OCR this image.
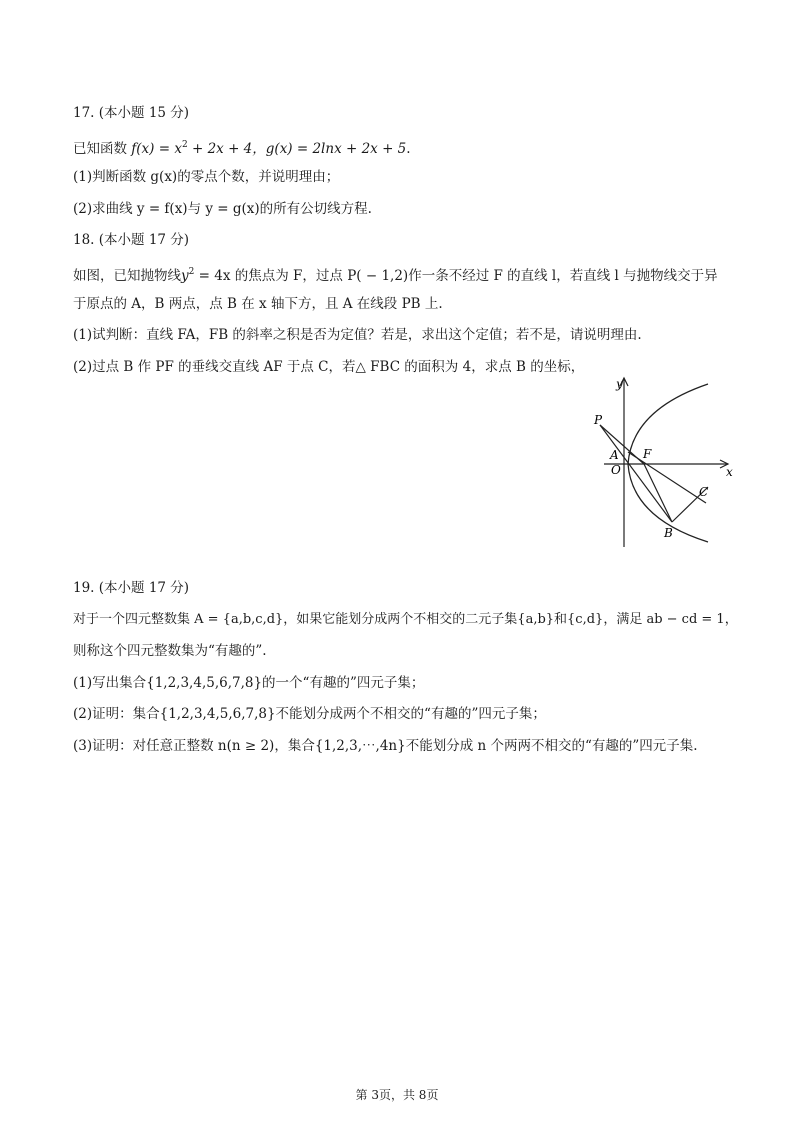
17. (本小题 15 分)
已知函数 $f(x) = x^2 + 2x + 4$，g(x) = 2lnx + 2x + 5.
(1)判断函数 g(x)的零点个数，并说明理由；
(2)求曲线 y = f(x)与 y = g(x)的所有公切线方程.
18. (本小题 17 分)
如图，已知抛物线$y^2 = 4x$ 的焦点为 F，过点 P( − 1,2)作一条不经过 F 的直线 l，若直线 l 与抛物线交于异
于原点的 A，B 两点，点 B 在 x 轴下方，且 A 在线段 PB 上.
(1)试判断：直线 FA，FB 的斜率之积是否为定值？若是，求出这个定值；若不是，请说明理由.
(2)过点 B 作 PF 的垂线交直线 AF 于点 C，若△ FBC 的面积为 4，求点 B 的坐标，
y
x
P
A
O
F
C
B
19. (本小题 17 分)
对于一个四元整数集 A = {a,b,c,d}，如果它能划分成两个不相交的二元子集{a,b}和{c,d}，满足 ab − cd = 1，
则称这个四元整数集为“有趣的”.
(1)写出集合{1,2,3,4,5,6,7,8}的一个“有趣的”四元子集；
(2)证明：集合{1,2,3,4,5,6,7,8}不能划分成两个不相交的“有趣的”四元子集；
(3)证明：对任意正整数 n(n ≥ 2)，集合{1,2,3,⋯,4n}不能划分成 n 个两两不相交的“有趣的”四元子集.
第 3页，共 8页
